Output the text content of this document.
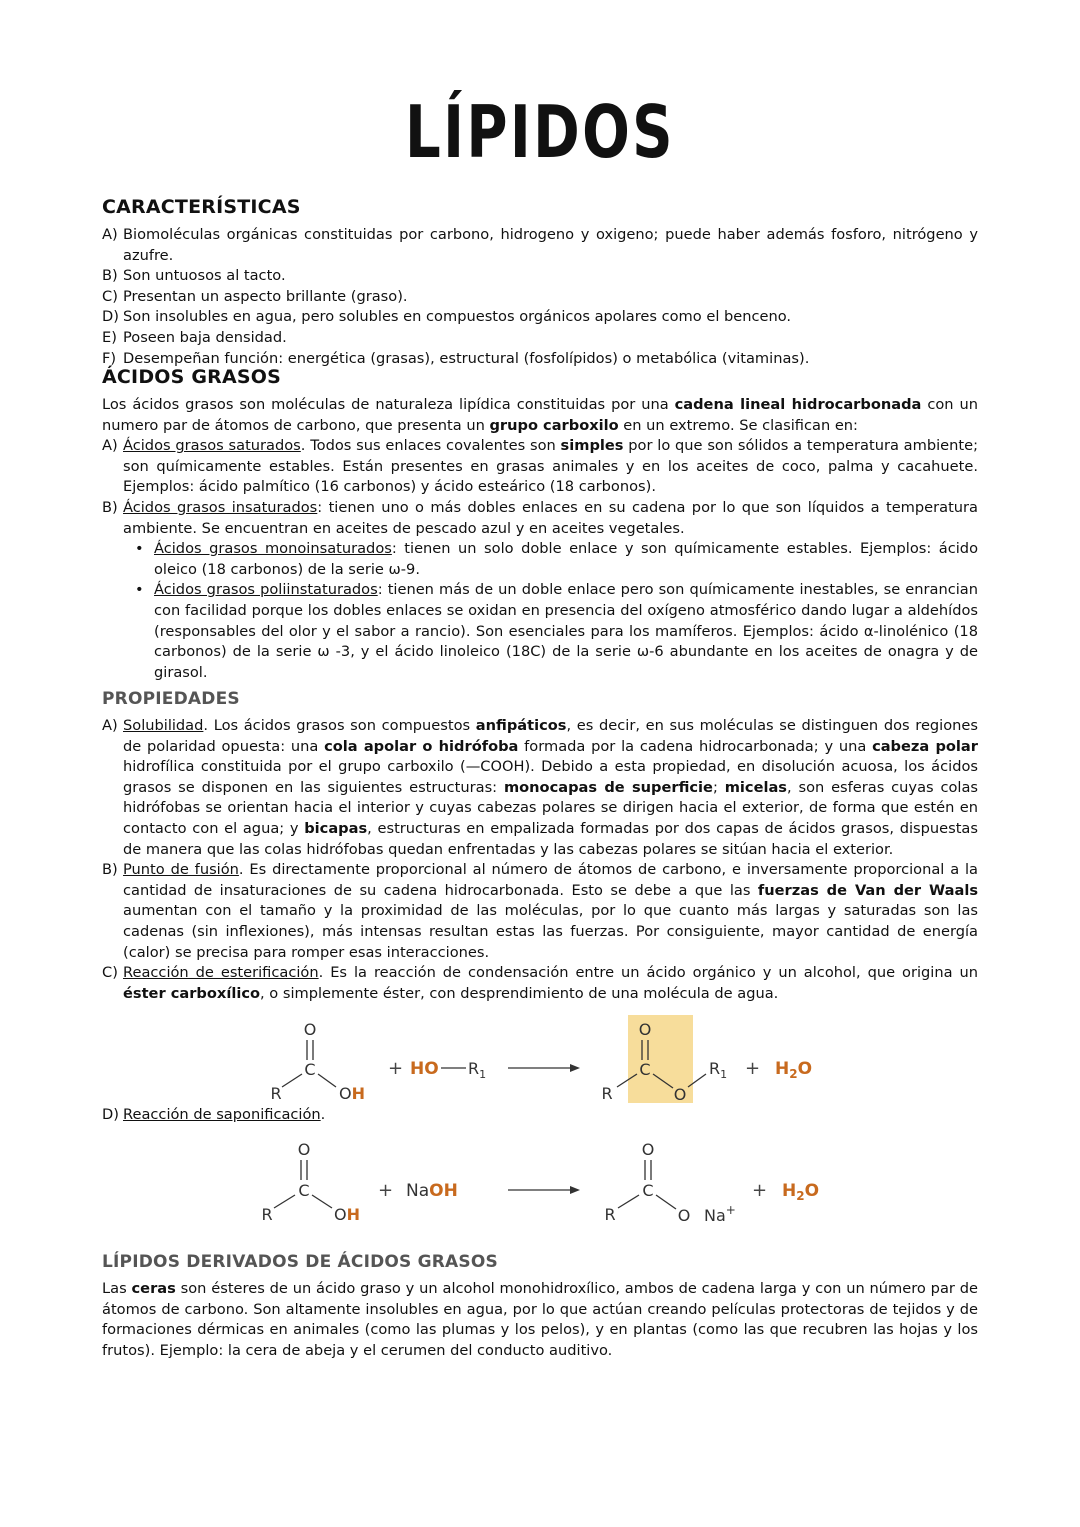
LÍPIDOS
CARACTERÍSTICAS
A) Biomoléculas orgánicas constituidas por carbono, hidrogeno y oxigeno; puede haber además fosforo, nitrógeno y azufre.
B) Son untuosos al tacto.
C) Presentan un aspecto brillante (graso).
D) Son insolubles en agua, pero solubles en compuestos orgánicos apolares como el benceno.
E) Poseen baja densidad.
F) Desempeñan función: energética (grasas), estructural (fosfolípidos) o metabólica (vitaminas).
ÁCIDOS GRASOS
Los ácidos grasos son moléculas de naturaleza lipídica constituidas por una cadena lineal hidrocarbonada con un numero par de átomos de carbono, que presenta un grupo carboxilo en un extremo. Se clasifican en:
A) Ácidos grasos saturados. Todos sus enlaces covalentes son simples por lo que son sólidos a temperatura ambiente; son químicamente estables. Están presentes en grasas animales y en los aceites de coco, palma y cacahuete. Ejemplos: ácido palmítico (16 carbonos) y ácido esteárico (18 carbonos).
B) Ácidos grasos insaturados: tienen uno o más dobles enlaces en su cadena por lo que son líquidos a temperatura ambiente. Se encuentran en aceites de pescado azul y en aceites vegetales.
• Ácidos grasos monoinsaturados: tienen un solo doble enlace y son químicamente estables. Ejemplos: ácido oleico (18 carbonos) de la serie ω-9.
• Ácidos grasos poliinstaturados: tienen más de un doble enlace pero son químicamente inestables, se enrancian con facilidad porque los dobles enlaces se oxidan en presencia del oxígeno atmosférico dando lugar a aldehídos (responsables del olor y el sabor a rancio). Son esenciales para los mamíferos. Ejemplos: ácido α-linolénico (18 carbonos) de la serie ω -3, y el ácido linoleico (18C) de la serie ω-6 abundante en los aceites de onagra y de girasol.
PROPIEDADES
A) Solubilidad. Los ácidos grasos son compuestos anfipáticos, es decir, en sus moléculas se distinguen dos regiones de polaridad opuesta: una cola apolar o hidrófoba formada por la cadena hidrocarbonada; y una cabeza polar hidrofílica constituida por el grupo carboxilo (—COOH). Debido a esta propiedad, en disolución acuosa, los ácidos grasos se disponen en las siguientes estructuras: monocapas de superficie; micelas, son esferas cuyas colas hidrófobas se orientan hacia el interior y cuyas cabezas polares se dirigen hacia el exterior, de forma que estén en contacto con el agua; y bicapas, estructuras en empalizada formadas por dos capas de ácidos grasos, dispuestas de manera que las colas hidrófobas quedan enfrentadas y las cabezas polares se sitúan hacia el exterior.
B) Punto de fusión. Es directamente proporcional al número de átomos de carbono, e inversamente proporcional a la cantidad de insaturaciones de su cadena hidrocarbonada. Esto se debe a que las fuerzas de Van der Waals aumentan con el tamaño y la proximidad de las moléculas, por lo que cuanto más largas y saturadas son las cadenas (sin inflexiones), más intensas resultan estas las fuerzas. Por consiguiente, mayor cantidad de energía (calor) se precisa para romper esas interacciones.
C) Reacción de esterificación. Es la reacción de condensación entre un ácido orgánico y un alcohol, que origina un éster carboxílico, o simplemente éster, con desprendimiento de una molécula de agua.
O
C
R	OH
+ HO $R_1$
O
C
R	O
$R_1 + H_2O$
D) Reacción de saponificación.
O
C
R	OH
+ NaOH
O
C
R	O Na+
+ $H_2O$
LÍPIDOS DERIVADOS DE ÁCIDOS GRASOS
Las ceras son ésteres de un ácido graso y un alcohol monohidroxílico, ambos de cadena larga y con un número par de átomos de carbono. Son altamente insolubles en agua, por lo que actúan creando películas protectoras de tejidos y de formaciones dérmicas en animales (como las plumas y los pelos), y en plantas (como las que recubren las hojas y los frutos). Ejemplo: la cera de abeja y el cerumen del conducto auditivo.
